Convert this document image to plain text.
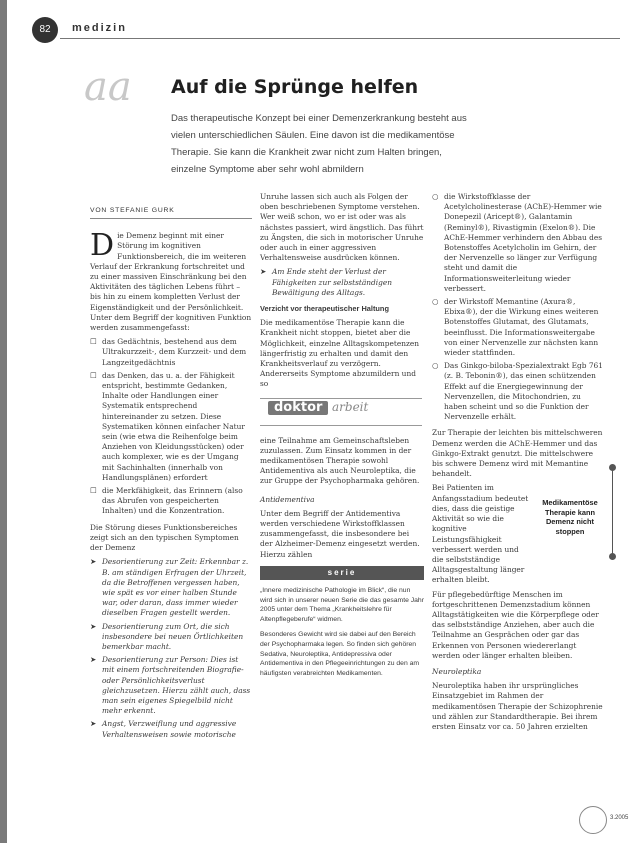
82	medizin
aa Auf die Sprünge helfen

Das therapeutische Konzept bei einer Demenzerkrankung besteht aus vielen unterschiedlichen Säulen. Eine davon ist die medikamentöse Therapie. Sie kann die Krankheit zwar nicht zum Halten bringen, einzelne Symptome aber sehr wohl abmildern

VON STEFANIE GURK

Die Demenz beginnt mit einer Störung im kognitiven Funktionsbereich, die im weiteren Verlauf der Erkrankung fortschreitet und zu einer massiven Einschränkung bei den Aktivitäten des täglichen Lebens führt – bis hin zu einem kompletten Verlust der Eigenständigkeit und der Persönlichkeit. Unter dem Begriff der kognitiven Funktion werden zusammengefasst:

☐ das Gedächtnis, bestehend aus dem Ultrakurzzeit-, dem Kurzzeit- und dem Langzeitgedächtnis
☐ das Denken, das u. a. der Fähigkeit entspricht, bestimmte Gedanken, Inhalte oder Handlungen einer Systematik entsprechend hintereinander zu setzen. Diese Systematiken können einfacher Natur sein (wie etwa die Reihenfolge beim Anziehen von Kleidungsstücken) oder auch komplexer, wie es der Umgang mit Sachinhalten (innerhalb von Handlungsplänen) erfordert
☐ die Merkfähigkeit, das Erinnern (also das Abrufen von gespeicherten Inhalten) und die Konzentration.

Die Störung dieses Funktionsbereiches zeigt sich an den typischen Symptomen der Demenz

➤ Desorientierung zur Zeit: Erkennbar z. B. am ständigen Erfragen der Uhrzeit, da die Betroffenen vergessen haben, wie spät es vor einer halben Stunde war, oder daran, dass immer wieder dieselben Fragen gestellt werden.
➤ Desorientierung zum Ort, die sich insbesondere bei neuen Örtlichkeiten bemerkbar macht.
➤ Desorientierung zur Person: Dies ist mit einem fortschreitenden Biografie- oder Persönlichkeitsverlust gleichzusetzen. Hierzu zählt auch, dass man sein eigenes Spiegelbild nicht mehr erkennt.
➤ Angst, Verzweiflung und aggressive Verhaltensweisen sowie motorische

Unruhe lassen sich auch als Folgen der oben beschriebenen Symptome verstehen. Wer weiß schon, wo er ist oder was als nächstes passiert, wird ängstlich. Das führt zu Ängsten, die sich in motorischer Unruhe oder auch in einer aggressiven Verhaltensweise ausdrücken können.

➤ Am Ende steht der Verlust der Fähigkeiten zur selbstständigen Bewältigung des Alltags.

Verzicht vor therapeutischer Haltung

Die medikamentöse Therapie kann die Krankheit nicht stoppen, bietet aber die Möglichkeit, einzelne Alltagskompetenzen längerfristig zu erhalten und damit den Krankheitsverlauf zu verzögern. Andererseits Symptome abzumildern und so

doktor arbeit

eine Teilnahme am Gemeinschaftsleben zuzulassen. Zum Einsatz kommen in der medikamentösen Therapie sowohl Antidementiva als auch Neuroleptika, die zur Gruppe der Psychopharmaka gehören.

Antidementiva

Unter dem Begriff der Antidementiva werden verschiedene Wirkstoffklassen zusammengefasst, die insbesondere bei der Alzheimer-Demenz eingesetzt werden. Hierzu zählen

serie

„Innere medizinische Pathologie im Blick“, die nun wird sich in unserer neuen Serie die das gesamte Jahr 2005 unter dem Thema „Krankheitslehre für Altenpflegeberufe“ widmen.

Besonderes Gewicht wird sie dabei auf den Bereich der Psychopharmaka legen. So finden sich gehören Sedativa, Neuroleptika, Antidepressiva oder Antidementiva in den Pflegeeinrichtungen zu den am häufigsten verabreichten Medikamenten.

○ die Wirkstoffklasse der Acetylcholinesterase (AChE)-Hemmer wie Donepezil (Aricept®), Galantamin (Reminyl®), Rivastigmin (Exelon®). Die AChE-Hemmer verhindern den Abbau des Botenstoffes Acetylcholin im Gehirn, der der Nervenzelle so länger zur Verfügung steht und damit die Informationsweiterleitung wieder verbessert.
○ der Wirkstoff Memantine (Axura®, Ebixa®), der die Wirkung eines weiteren Botenstoffes Glutamat, des Glutamats, beeinflusst. Die Informationsweitergabe von einer Nervenzelle zur nächsten kann wieder stattfinden.
○ Das Ginkgo-biloba-Spezialextrakt Egb 761 (z. B. Tebonin®), das einen schützenden Effekt auf die Energiegewinnung der Nervenzellen, die Mitochondrien, zu haben scheint und so die Funktion der Nervenzelle erhält.

Zur Therapie der leichten bis mittelschweren Demenz werden die AChE-Hemmer und das Ginkgo-Extrakt genutzt. Die mittelschwere bis schwere Demenz wird mit Memantine behandelt.

Bei Patienten im Anfangsstadium bedeutet dies, dass die geistige Aktivität so wie die kognitive Leistungsfähigkeit verbessert werden und die selbstständige Alltagsgestaltung länger erhalten bleibt.

Für pflegebedürftige Menschen im fortgeschrittenen Demenzstadium können Alltagstätigkeiten wie die Körperpflege oder das selbstständige Anziehen, aber auch die Teilnahme an Gesprächen oder gar das Erkennen von Personen wiedererlangt werden oder länger erhalten bleiben.

Neuroleptika

Neuroleptika haben ihr ursprüngliches Einsatzgebiet im Rahmen der medikamentösen Therapie der Schizophrenie und zählen zur Standardtherapie. Bei ihrem ersten Einsatz vor ca. 50 Jahren erzielten

Medikamentöse Therapie kann Demenz nicht stoppen
3.2005
